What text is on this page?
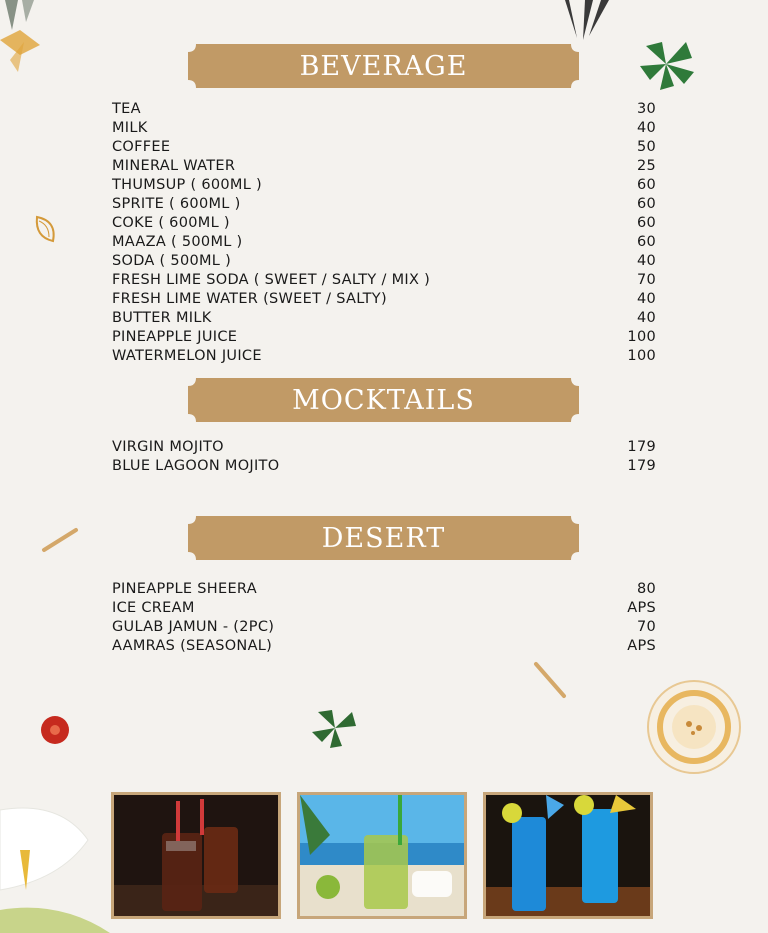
BEVERAGE
TEA	30
MILK	40
COFFEE	50
MINERAL WATER	25
THUMSUP ( 600ML )	60
SPRITE ( 600ML )	60
COKE ( 600ML )	60
MAAZA ( 500ML )	60
SODA ( 500ML )	40
FRESH LIME SODA ( SWEET / SALTY / MIX )	70
FRESH LIME WATER (SWEET / SALTY)	40
BUTTER MILK	40
PINEAPPLE JUICE	100
WATERMELON JUICE	100
MOCKTAILS
VIRGIN MOJITO	179
BLUE LAGOON MOJITO	179
DESERT
PINEAPPLE SHEERA	80
ICE CREAM	APS
GULAB JAMUN - (2PC)	70
AAMRAS (SEASONAL)	APS
